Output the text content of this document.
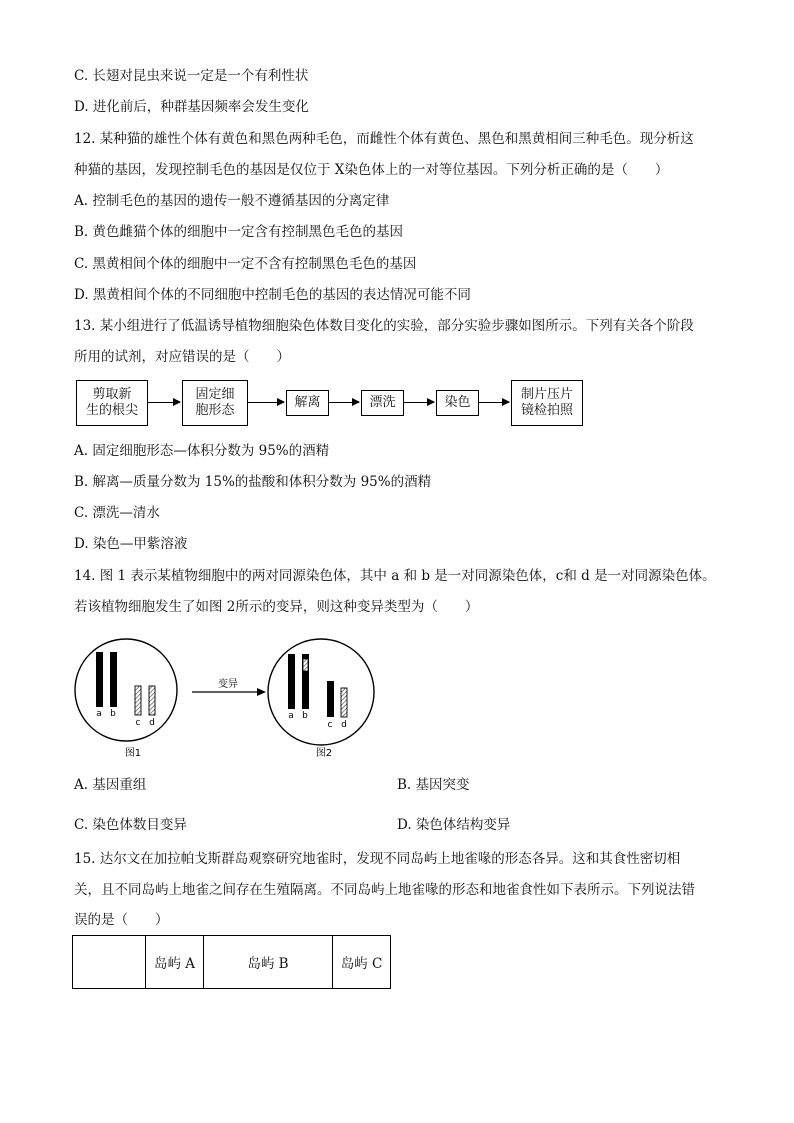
C. 长翅对昆虫来说一定是一个有利性状
D. 进化前后，种群基因频率会发生变化
12. 某种猫的雄性个体有黄色和黑色两种毛色，而雌性个体有黄色、黑色和黑黄相间三种毛色。现分析这
种猫的基因，发现控制毛色的基因是仅位于 X染色体上的一对等位基因。下列分析正确的是（　　）
A. 控制毛色的基因的遗传一般不遵循基因的分离定律
B. 黄色雌猫个体的细胞中一定含有控制黑色毛色的基因
C. 黑黄相间个体的细胞中一定不含有控制黑色毛色的基因
D. 黑黄相间个体的不同细胞中控制毛色的基因的表达情况可能不同
13. 某小组进行了低温诱导植物细胞染色体数目变化的实验，部分实验步骤如图所示。下列有关各个阶段
所用的试剂，对应错误的是（　　）
剪取新
生的根尖
固定细
胞形态
解离	漂洗	染色
制片压片
镜检拍照
A. 固定细胞形态—体积分数为 95%的酒精
B. 解离—质量分数为 15%的盐酸和体积分数为 95%的酒精
C. 漂洗—清水
D. 染色—甲紫溶液
14. 图 1 表示某植物细胞中的两对同源染色体，其中 a 和 b 是一对同源染色体，c和 d 是一对同源染色体。
若该植物细胞发生了如图 2所示的变异，则这种变异类型为（　　）
a b
c d
图1
变异
a b
c d
图2
A. 基因重组	B. 基因突变
C. 染色体数目变异	D. 染色体结构变异
15. 达尔文在加拉帕戈斯群岛观察研究地雀时，发现不同岛屿上地雀喙的形态各异。这和其食性密切相
关，且不同岛屿上地雀之间存在生殖隔离。不同岛屿上地雀喙的形态和地雀食性如下表所示。下列说法错
误的是（　　）
	岛屿 A	岛屿 B	岛屿 C
